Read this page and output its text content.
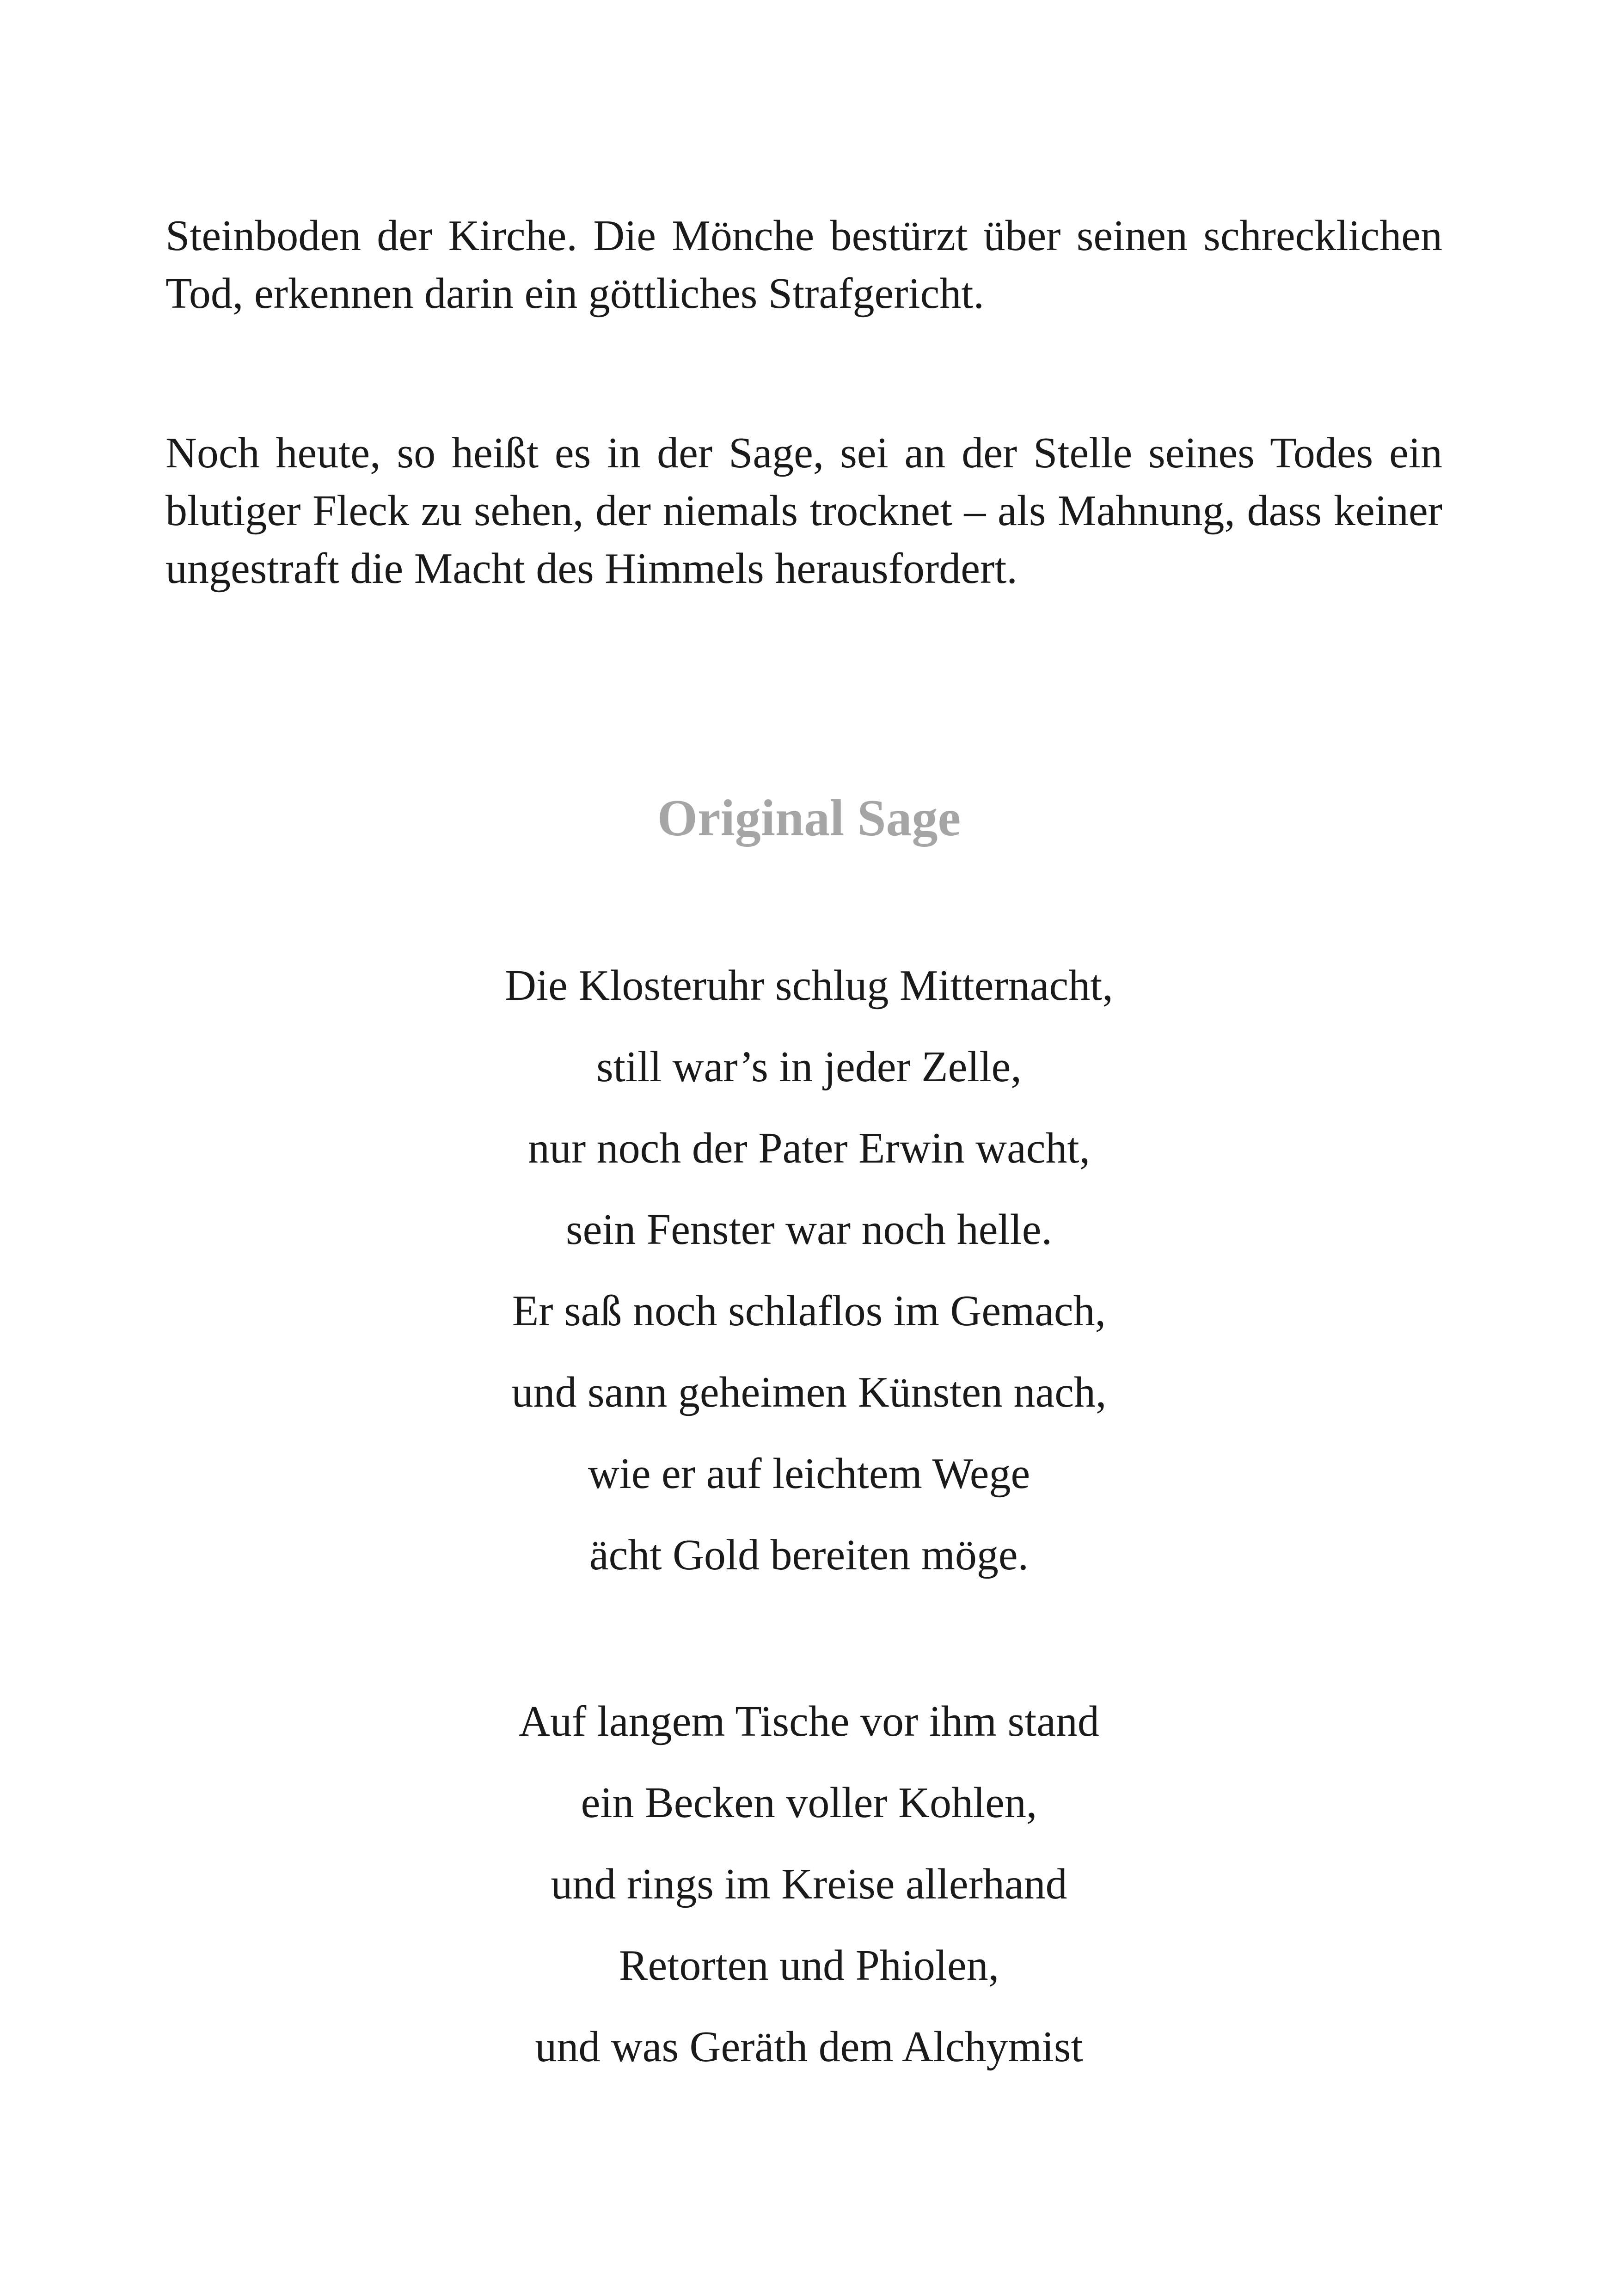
Steinboden der Kirche. Die Mönche bestürzt über seinen schrecklichen Tod, erkennen darin ein göttliches Strafgericht.

Noch heute, so heißt es in der Sage, sei an der Stelle seines Todes ein blutiger Fleck zu sehen, der niemals trocknet – als Mahnung, dass keiner ungestraft die Macht des Himmels herausfordert.

Original Sage
Die Klosteruhr schlug Mitternacht,
still war’s in jeder Zelle,
nur noch der Pater Erwin wacht,
sein Fenster war noch helle.
Er saß noch schlaflos im Gemach,
und sann geheimen Künsten nach,
wie er auf leichtem Wege
ächt Gold bereiten möge.
Auf langem Tische vor ihm stand
ein Becken voller Kohlen,
und rings im Kreise allerhand
Retorten und Phiolen,
und was Geräth dem Alchymist
